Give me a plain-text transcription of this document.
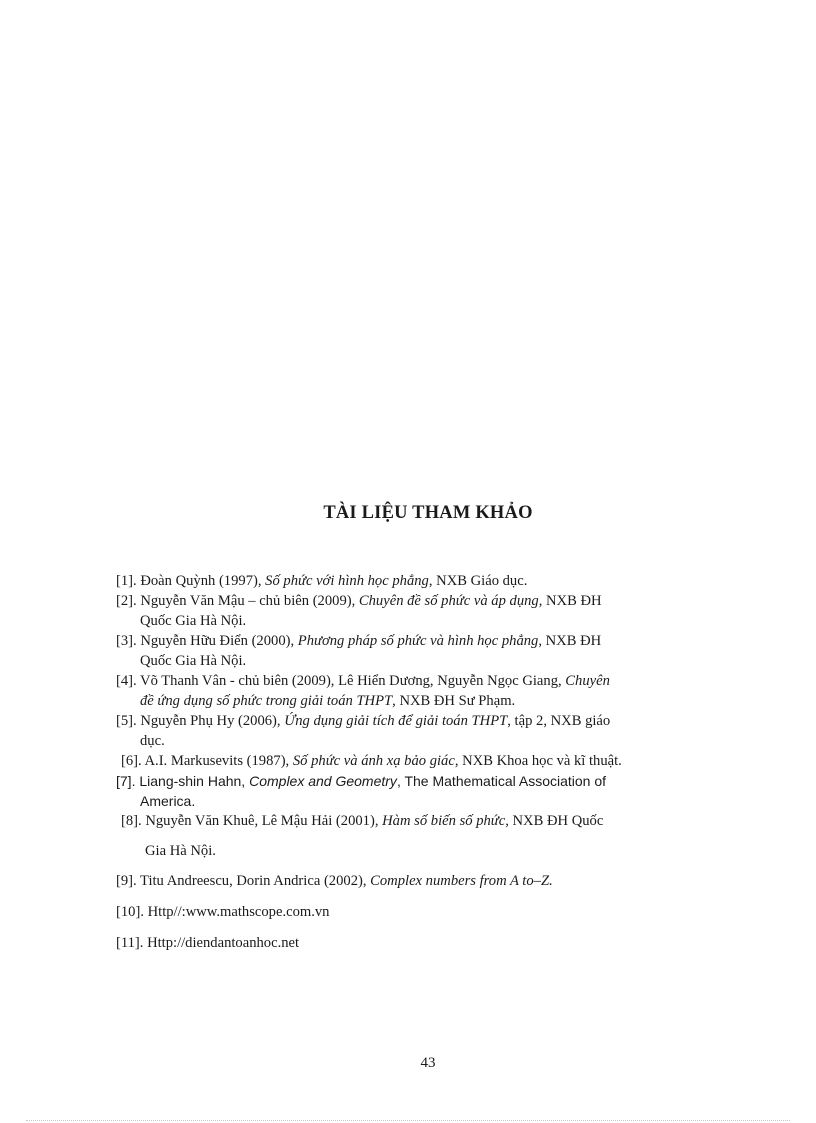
TÀI LIỆU THAM KHẢO

[1]. Đoàn Quỳnh (1997), Số phức với hình học phẳng, NXB Giáo dục.

[2]. Nguyễn Văn Mậu – chủ biên (2009), Chuyên đề số phức và áp dụng, NXB ĐH
Quốc Gia Hà Nội.

[3]. Nguyễn Hữu Điển (2000), Phương pháp số phức và hình học phẳng, NXB ĐH
Quốc Gia Hà Nội.

[4]. Võ Thanh Vân - chủ biên (2009), Lê Hiển Dương, Nguyễn Ngọc Giang, Chuyên
đề ứng dụng số phức trong giải toán THPT, NXB ĐH Sư Phạm.

[5]. Nguyễn Phụ Hy (2006), Ứng dụng giải tích để giải toán THPT, tập 2, NXB giáo
dục.

[6]. A.I. Markusevits (1987), Số phức và ánh xạ bảo giác, NXB Khoa học và kĩ thuật.

[7]. Liang-shin Hahn, Complex and Geometry, The Mathematical Association of
America.

[8]. Nguyễn Văn Khuê, Lê Mậu Hải (2001), Hàm số biến số phức, NXB ĐH Quốc
Gia Hà Nội.

[9]. Titu Andreescu, Dorin Andrica (2002), Complex numbers from A to–Z.

[10]. Http//:www.mathscope.com.vn

[11]. Http://diendantoanhoc.net

43
